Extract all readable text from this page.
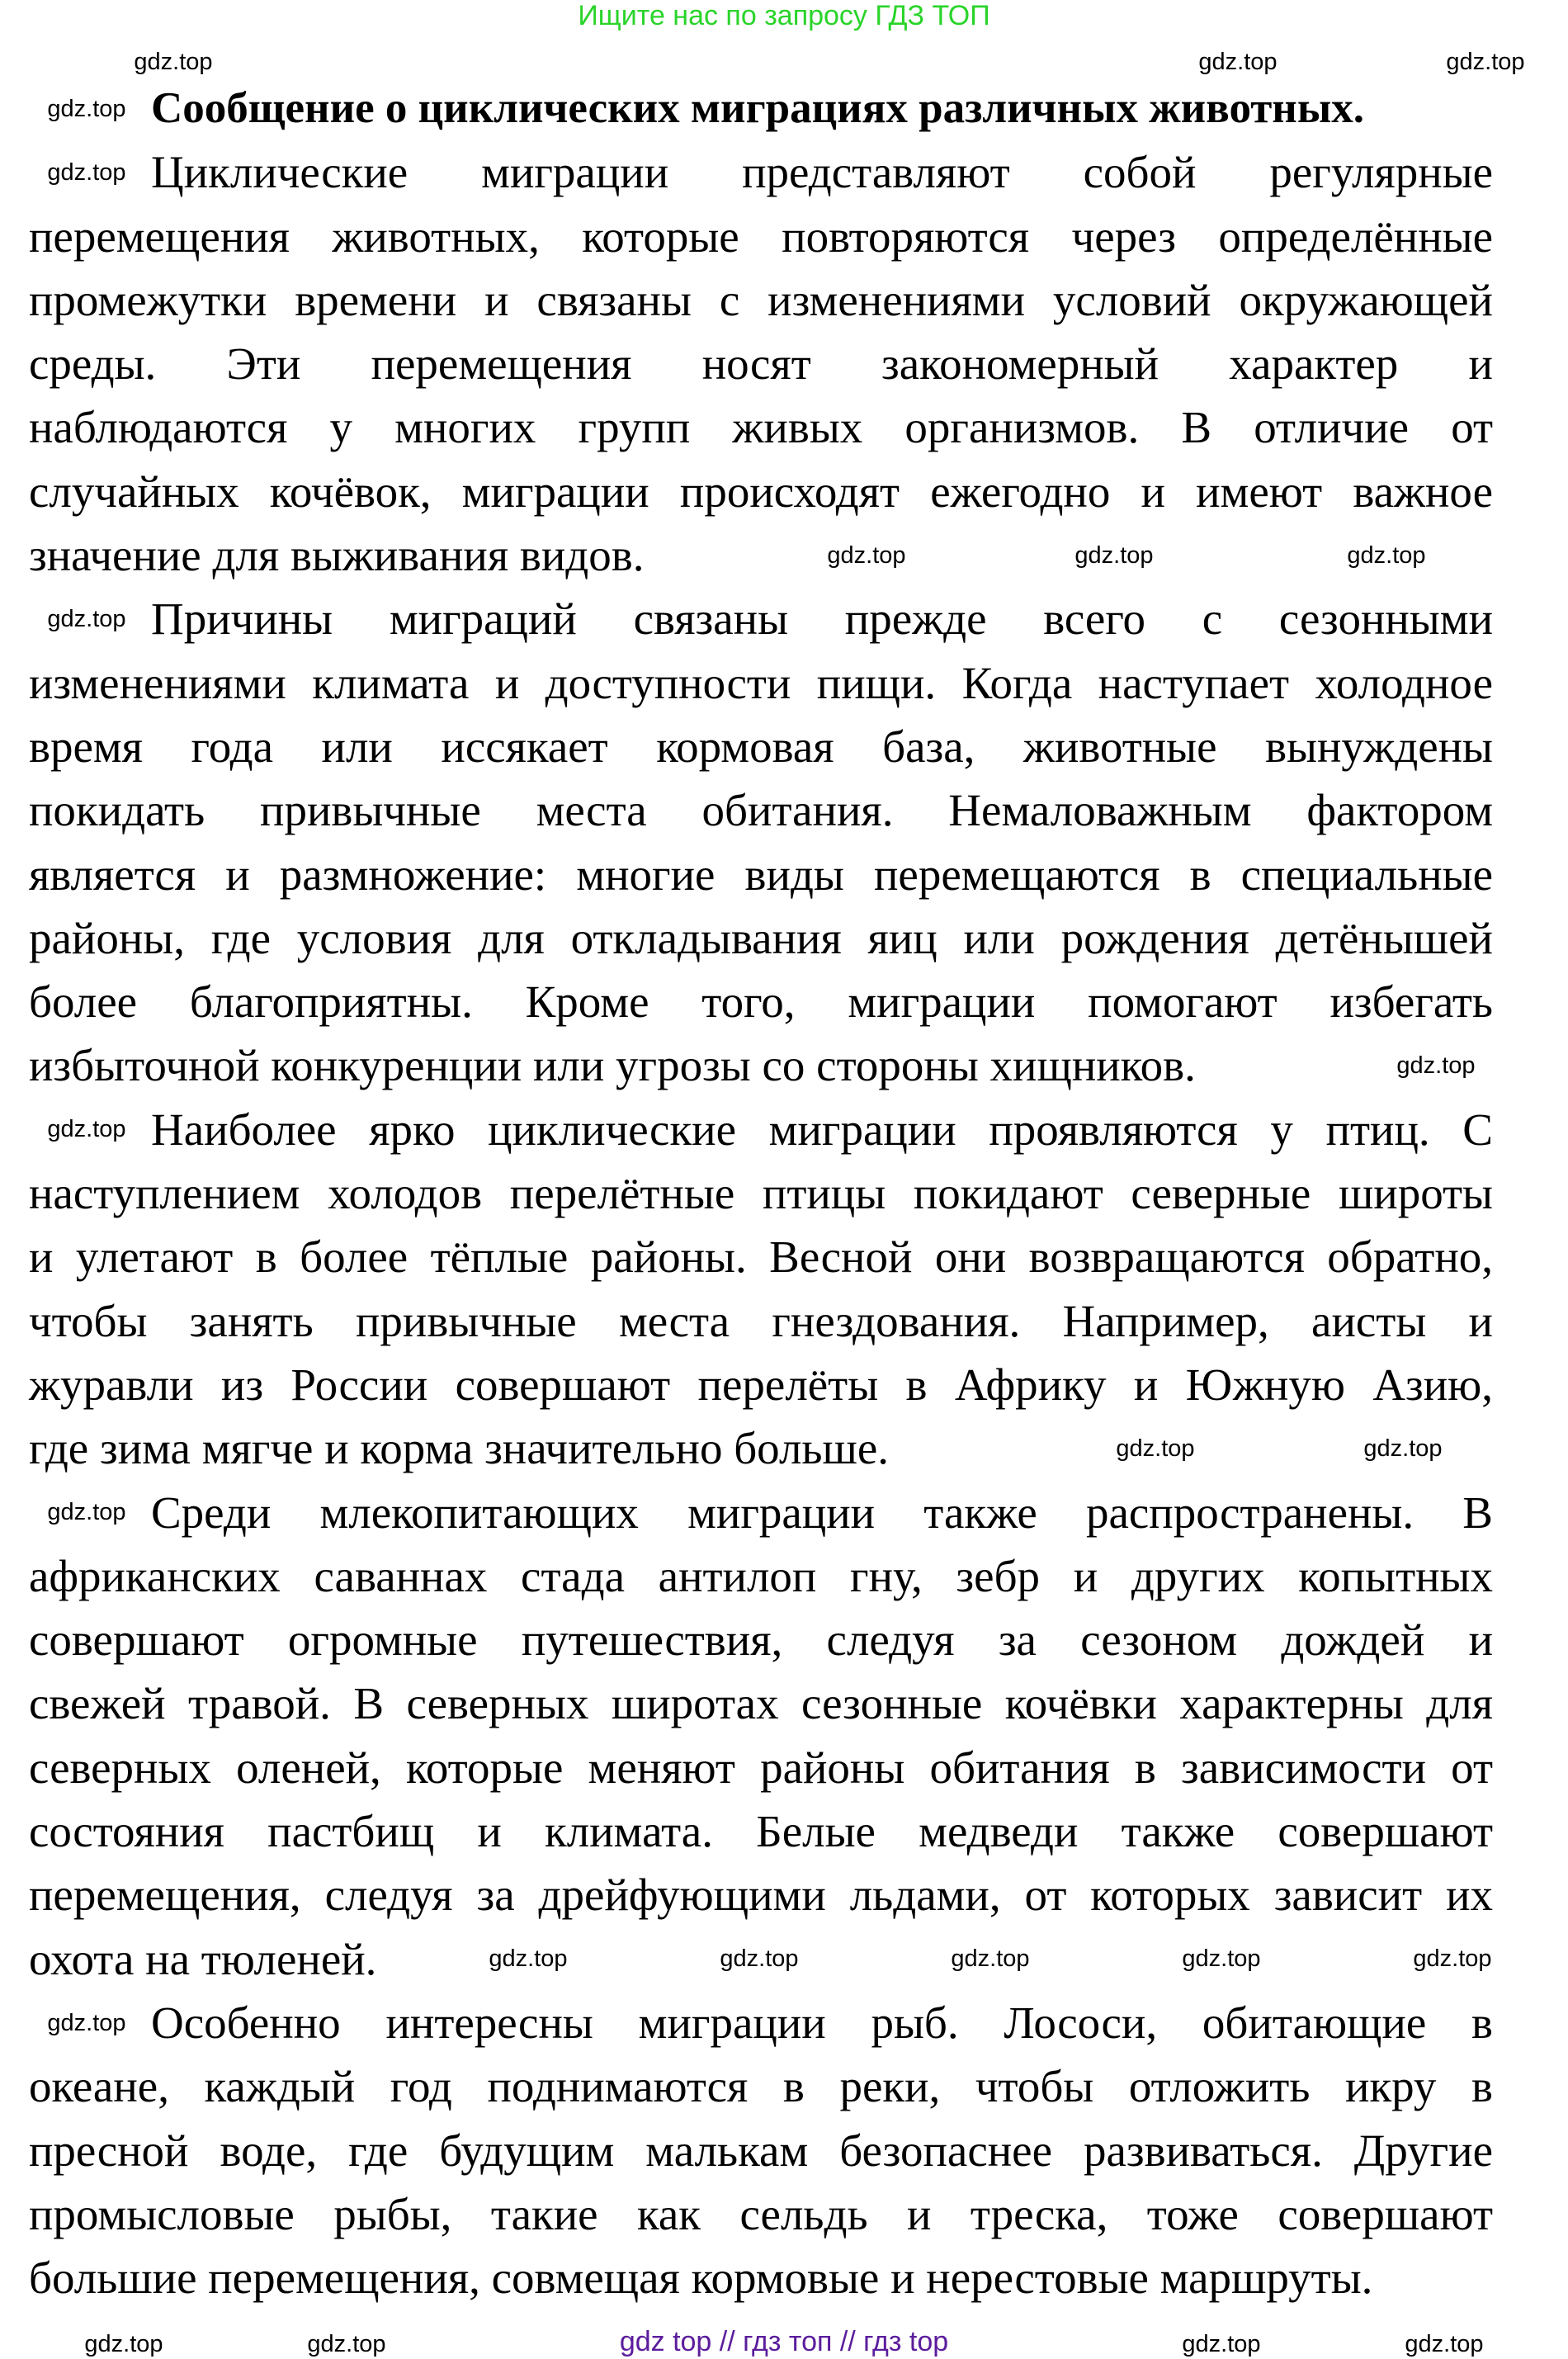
Ищите нас по запросу ГДЗ ТОП
Сообщение о циклических миграциях различных животных.
Циклические миграции представляют собой регулярные
перемещения животных, которые повторяются через определённые
промежутки времени и связаны с изменениями условий окружающей
среды. Эти перемещения носят закономерный характер и
наблюдаются у многих групп живых организмов. В отличие от
случайных кочёвок, миграции происходят ежегодно и имеют важное
значение для выживания видов.
Причины миграций связаны прежде всего с сезонными
изменениями климата и доступности пищи. Когда наступает холодное
время года или иссякает кормовая база, животные вынуждены
покидать привычные места обитания. Немаловажным фактором
является и размножение: многие виды перемещаются в специальные
районы, где условия для откладывания яиц или рождения детёнышей
более благоприятны. Кроме того, миграции помогают избегать
избыточной конкуренции или угрозы со стороны хищников.
Наиболее ярко циклические миграции проявляются у птиц. С
наступлением холодов перелётные птицы покидают северные широты
и улетают в более тёплые районы. Весной они возвращаются обратно,
чтобы занять привычные места гнездования. Например, аисты и
журавли из России совершают перелёты в Африку и Южную Азию,
где зима мягче и корма значительно больше.
Среди млекопитающих миграции также распространены. В
африканских саваннах стада антилоп гну, зебр и других копытных
совершают огромные путешествия, следуя за сезоном дождей и
свежей травой. В северных широтах сезонные кочёвки характерны для
северных оленей, которые меняют районы обитания в зависимости от
состояния пастбищ и климата. Белые медведи также совершают
перемещения, следуя за дрейфующими льдами, от которых зависит их
охота на тюленей.
Особенно интересны миграции рыб. Лососи, обитающие в
океане, каждый год поднимаются в реки, чтобы отложить икру в
пресной воде, где будущим малькам безопаснее развиваться. Другие
промысловые рыбы, такие как сельдь и треска, тоже совершают
большие перемещения, совмещая кормовые и нерестовые маршруты.
gdz.top	gdz.top	gdz.top
gdz.top
gdz.top
gdz.top
gdz.top
gdz.top
gdz.top
gdz.top	gdz.top	gdz.top
gdz.top
gdz.top	gdz.top
gdz.top	gdz.top	gdz.top	gdz.top	gdz.top
gdz.top	gdz.top	gdz.top	gdz.top
gdz top // гдз топ // гдз top
